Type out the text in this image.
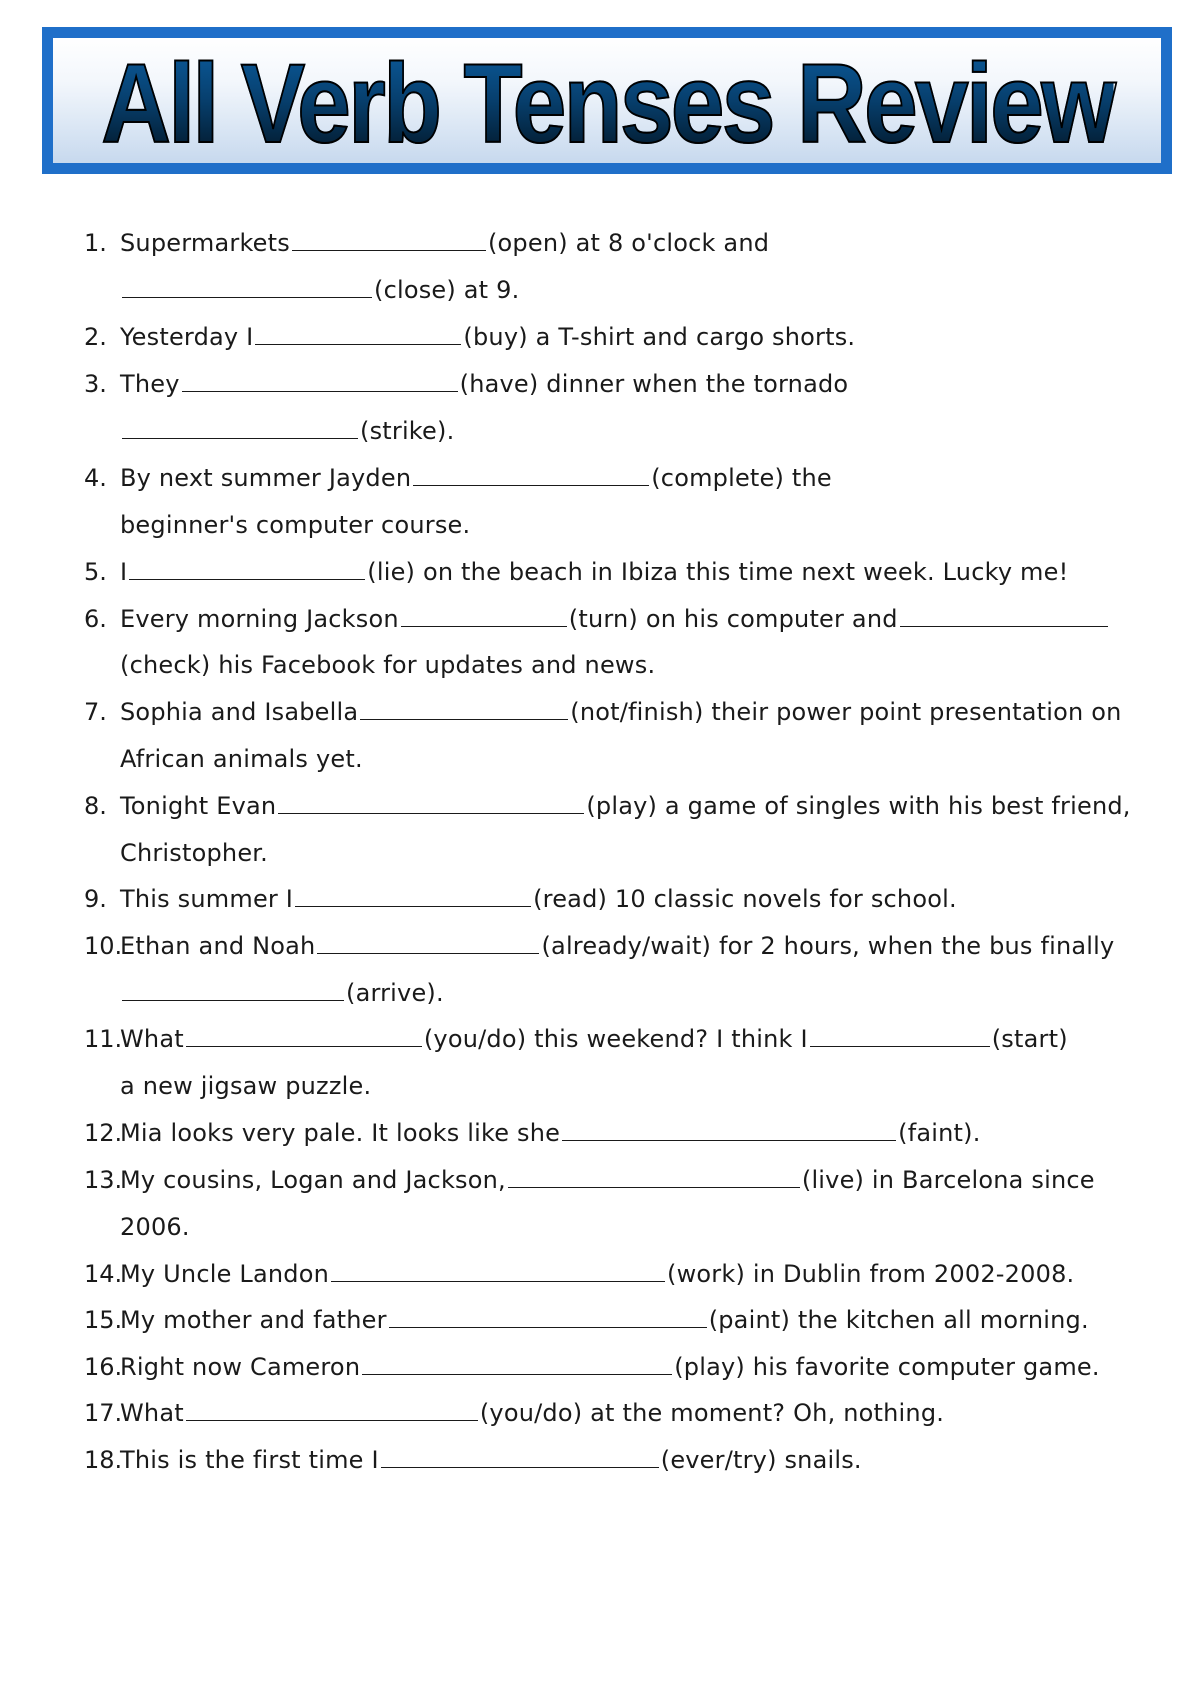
All Verb Tenses Review
1. Supermarkets	(open) at 8 o'clock and
(close) at 9.
2. Yesterday I	(buy) a T-shirt and cargo shorts.
3. They	(have) dinner when the tornado
(strike).
4. By next summer Jayden	(complete) the
beginner's computer course.
5. I	(lie) on the beach in Ibiza this time next week. Lucky me!
6. Every morning Jackson	(turn) on his computer and
(check) his Facebook for updates and news.
7. Sophia and Isabella	(not/finish) their power point presentation on
African animals yet.
8. Tonight Evan	(play) a game of singles with his best friend,
Christopher.
9. This summer I	(read) 10 classic novels for school.
10.
Ethan and Noah	(already/wait) for 2 hours, when the bus finally
(arrive).
11.
What	(you/do) this weekend? I think I	(start)
a new jigsaw puzzle.
12.
Mia looks very pale. It looks like she	(faint).
13.
My cousins, Logan and Jackson,	(live) in Barcelona since
2006.
14.
My Uncle Landon	(work) in Dublin from 2002-2008.
15.
My mother and father	(paint) the kitchen all morning.
16.
Right now Cameron	(play) his favorite computer game.
17.
What	(you/do) at the moment? Oh, nothing.
18.
This is the first time I	(ever/try) snails.
